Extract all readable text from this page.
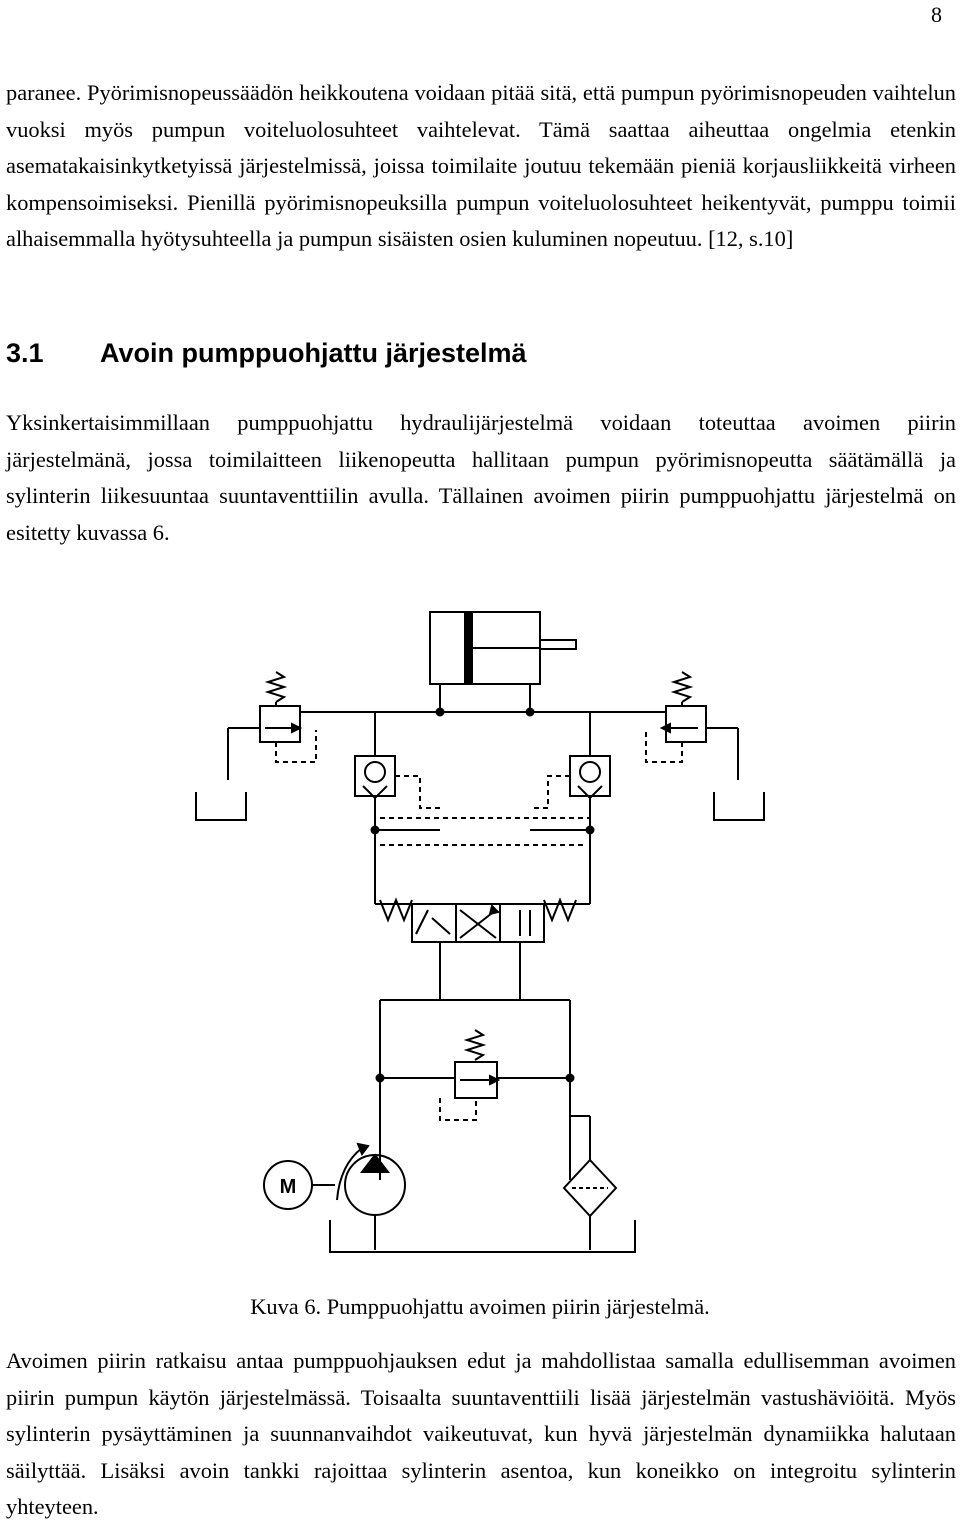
8

paranee. Pyörimisnopeussäädön heikkoutena voidaan pitää sitä, että pumpun pyörimisnopeuden vaihtelun vuoksi myös pumpun voiteluolosuhteet vaihtelevat. Tämä saattaa aiheuttaa ongelmia etenkin asematakaisinkytketyissä järjestelmissä, joissa toimilaite joutuu tekemään pieniä korjausliikkeitä virheen kompensoimiseksi. Pienillä pyörimisnopeuksilla pumpun voiteluolosuhteet heikentyvät, pumppu toimii alhaisemmalla hyötysuhteella ja pumpun sisäisten osien kuluminen nopeutuu. [12, s.10]

3.1 Avoin pumppuohjattu järjestelmä

Yksinkertaisimmillaan pumppuohjattu hydraulijärjestelmä voidaan toteuttaa avoimen piirin järjestelmänä, jossa toimilaitteen liikenopeutta hallitaan pumpun pyörimisnopeutta säätämällä ja sylinterin liikesuuntaa suuntaventtiilin avulla. Tällainen avoimen piirin pumppuohjattu järjestelmä on esitetty kuvassa 6.

M
Kuva 6. Pumppuohjattu avoimen piirin järjestelmä.

Avoimen piirin ratkaisu antaa pumppuohjauksen edut ja mahdollistaa samalla edullisemman avoimen piirin pumpun käytön järjestelmässä. Toisaalta suuntaventtiili lisää järjestelmän vastushäviöitä. Myös sylinterin pysäyttäminen ja suunnanvaihdot vaikeutuvat, kun hyvä järjestelmän dynamiikka halutaan säilyttää. Lisäksi avoin tankki rajoittaa sylinterin asentoa, kun koneikko on integroitu sylinterin yhteyteen.
